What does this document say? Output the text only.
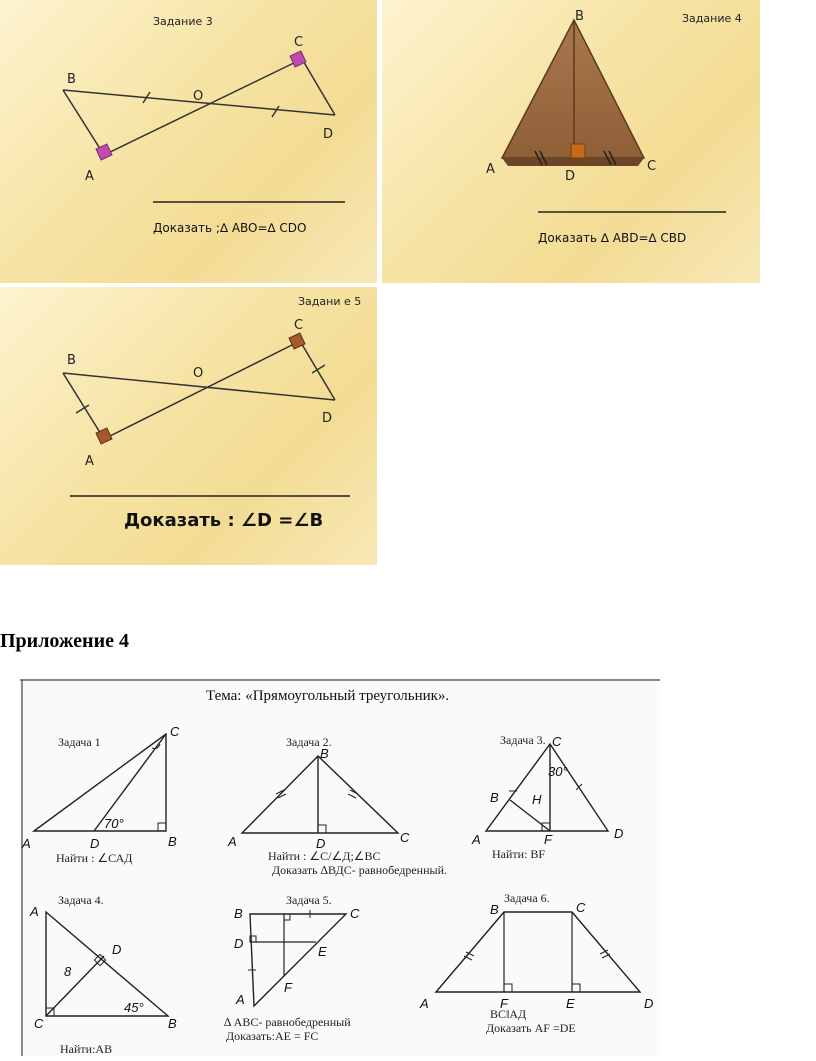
Задание 3
B
C
O
D
A
Доказать ;∆ ABO=∆ CDO
Задание 4
B
A	D
C
Доказать ∆ ABD=∆ CBD
Задани е 5
B
C
O
D
A
Доказать : ∠D =∠B
Приложение 4
Тема: «Прямоугольный треугольник».
Задача 1
70°
A	D	B
C
Найти : ∠САД
Задача 2.
A	D	C
B
Найти : ∠С/∠Д;∠ВС
Доказать ∆ВДС- равнобедренный.
Задача 3.
30°
H
B
C
A	F	D
Найти: BF
Задача 4.
8
45°
A
D
C	B
Найти:AB
Задача 5.
B	C
D
E
F
A
∆ ABC- равнобедренный
Доказать:AE = FC
Задача 6.
B	C
A	F	E	D
BCǁАД
Доказать AF =DE
